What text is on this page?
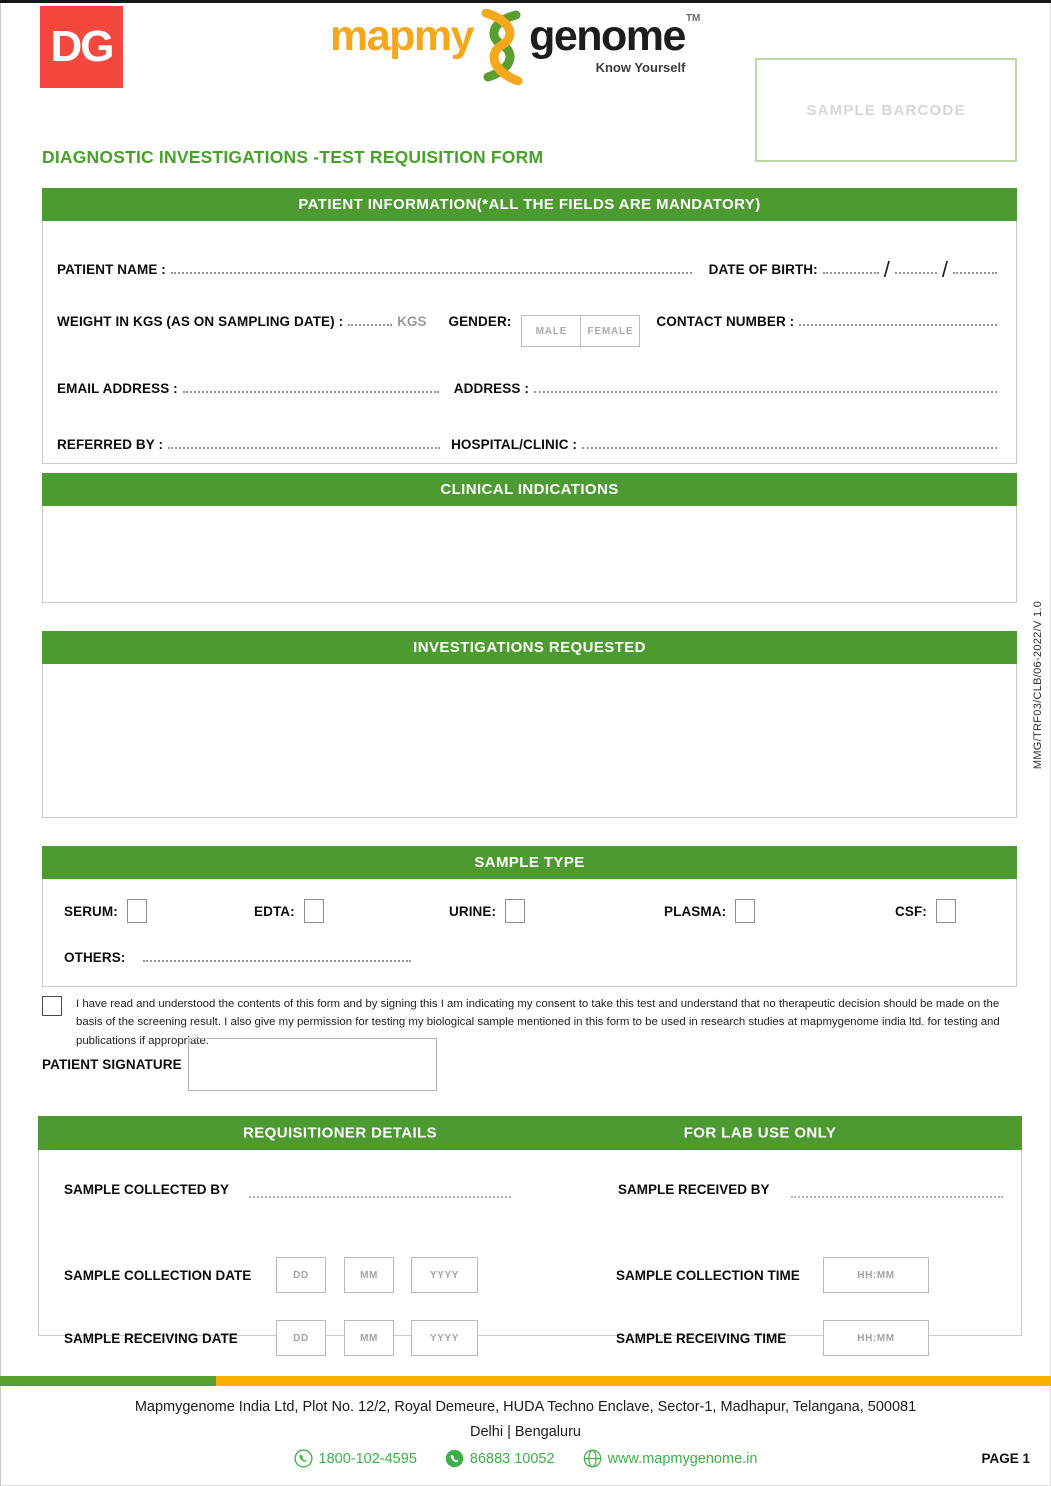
DG	mapmy genome™
Know Yourself
SAMPLE BARCODE
DIAGNOSTIC INVESTIGATIONS -TEST REQUISITION FORM
PATIENT INFORMATION(*ALL THE FIELDS ARE MANDATORY)
PATIENT NAME :	DATE OF BIRTH:	/ /
WEIGHT IN KGS (AS ON SAMPLING DATE) :	KGS GENDER:
MALE	FEMALE
CONTACT NUMBER :
EMAIL ADDRESS :	ADDRESS :
REFERRED BY :	HOSPITAL/CLINIC :
CLINICAL INDICATIONS
INVESTIGATIONS REQUESTED
SAMPLE TYPE
SERUM:	EDTA:	URINE:	PLASMA:	CSF:
OTHERS:

I have read and understood the contents of this form and by signing this I am indicating my consent to take this test and understand that no therapeutic decision should be made on the basis of the screening result. I also give my permission for testing my biological sample mentioned in this form to be used in research studies at mapmygenome india ltd. for testing and publications if appropriate.

PATIENT SIGNATURE
REQUISITIONER DETAILS	FOR LAB USE ONLY
SAMPLE COLLECTED BY	SAMPLE RECEIVED BY
SAMPLE COLLECTION DATE	DD	MM	YYYY	SAMPLE COLLECTION TIME	HH:MM
SAMPLE RECEIVING DATE	DD	MM	YYYY	SAMPLE RECEIVING TIME	HH:MM
MMG/TRF03/CLB/06-2022/V 1.0
Mapmygenome India Ltd, Plot No. 12/2, Royal Demeure, HUDA Techno Enclave, Sector-1, Madhapur, Telangana, 500081
Delhi | Bengaluru
1800-102-4595	86883 10052	www.mapmygenome.in	PAGE 1
